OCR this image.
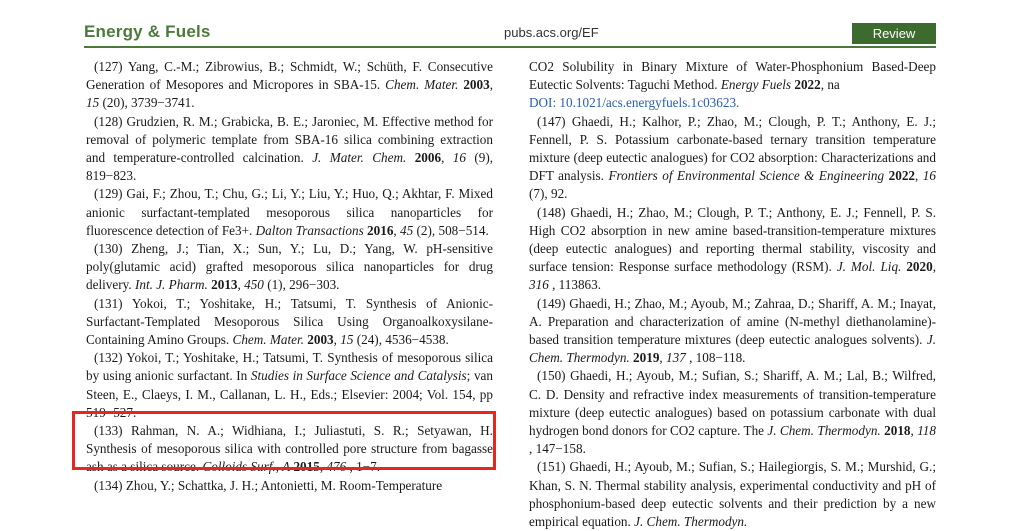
Energy & Fuels	pubs.acs.org/EF	Review

(127) Yang, C.-M.; Zibrowius, B.; Schmidt, W.; Schüth, F. Consecutive Generation of Mesopores and Micropores in SBA-15. Chem. Mater. 2003, 15 (20), 3739−3741.

(128) Grudzien, R. M.; Grabicka, B. E.; Jaroniec, M. Effective method for removal of polymeric template from SBA-16 silica combining extraction and temperature-controlled calcination. J. Mater. Chem. 2006, 16 (9), 819−823.

(129) Gai, F.; Zhou, T.; Chu, G.; Li, Y.; Liu, Y.; Huo, Q.; Akhtar, F. Mixed anionic surfactant-templated mesoporous silica nanoparticles for fluorescence detection of Fe3+. Dalton Transactions 2016, 45 (2), 508−514.

(130) Zheng, J.; Tian, X.; Sun, Y.; Lu, D.; Yang, W. pH-sensitive poly(glutamic acid) grafted mesoporous silica nanoparticles for drug delivery. Int. J. Pharm. 2013, 450 (1), 296−303.

(131) Yokoi, T.; Yoshitake, H.; Tatsumi, T. Synthesis of Anionic-Surfactant-Templated Mesoporous Silica Using Organoalkoxysilane-Containing Amino Groups. Chem. Mater. 2003, 15 (24), 4536−4538.

(132) Yokoi, T.; Yoshitake, H.; Tatsumi, T. Synthesis of mesoporous silica by using anionic surfactant. In Studies in Surface Science and Catalysis; van Steen, E., Claeys, I. M., Callanan, L. H., Eds.; Elsevier: 2004; Vol. 154, pp 519−527.

(133) Rahman, N. A.; Widhiana, I.; Juliastuti, S. R.; Setyawan, H. Synthesis of mesoporous silica with controlled pore structure from bagasse ash as a silica source. Colloids Surf., A 2015, 476 , 1−7.

(134) Zhou, Y.; Schattka, J. H.; Antonietti, M. Room-Temperature

CO2 Solubility in Binary Mixture of Water-Phosphonium Based-Deep Eutectic Solvents: Taguchi Method. Energy Fuels 2022, na
DOI: 10.1021/acs.energyfuels.1c03623.

(147) Ghaedi, H.; Kalhor, P.; Zhao, M.; Clough, P. T.; Anthony, E. J.; Fennell, P. S. Potassium carbonate-based ternary transition temperature mixture (deep eutectic analogues) for CO2 absorption: Characterizations and DFT analysis. Frontiers of Environmental Science & Engineering 2022, 16 (7), 92.

(148) Ghaedi, H.; Zhao, M.; Clough, P. T.; Anthony, E. J.; Fennell, P. S. High CO2 absorption in new amine based-transition-temperature mixtures (deep eutectic analogues) and reporting thermal stability, viscosity and surface tension: Response surface methodology (RSM). J. Mol. Liq. 2020, 316 , 113863.

(149) Ghaedi, H.; Zhao, M.; Ayoub, M.; Zahraa, D.; Shariff, A. M.; Inayat, A. Preparation and characterization of amine (N-methyl diethanolamine)-based transition temperature mixtures (deep eutectic analogues solvents). J. Chem. Thermodyn. 2019, 137 , 108−118.

(150) Ghaedi, H.; Ayoub, M.; Sufian, S.; Shariff, A. M.; Lal, B.; Wilfred, C. D. Density and refractive index measurements of transition-temperature mixture (deep eutectic analogues) based on potassium carbonate with dual hydrogen bond donors for CO2 capture. The J. Chem. Thermodyn. 2018, 118 , 147−158.

(151) Ghaedi, H.; Ayoub, M.; Sufian, S.; Hailegiorgis, S. M.; Murshid, G.; Khan, S. N. Thermal stability analysis, experimental conductivity and pH of phosphonium-based deep eutectic solvents and their prediction by a new empirical equation. J. Chem. Thermodyn.
